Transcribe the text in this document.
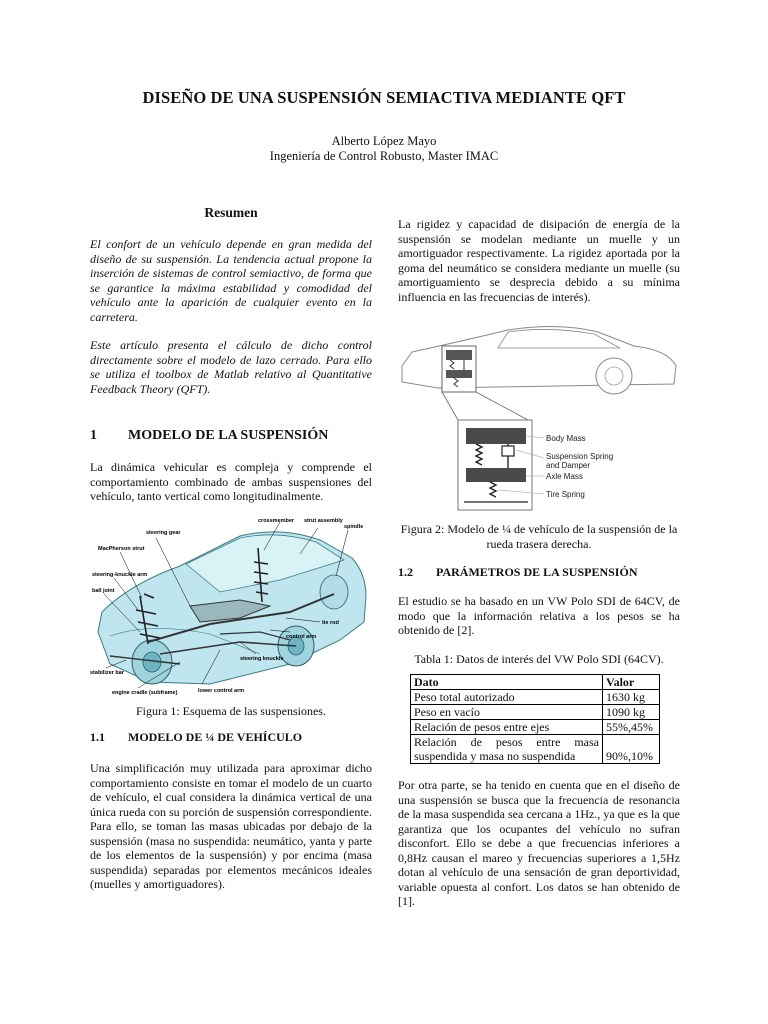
DISEÑO DE UNA SUSPENSIÓN SEMIACTIVA MEDIANTE QFT
Alberto López Mayo
Ingeniería de Control Robusto, Master IMAC
Resumen

El confort de un vehículo depende en gran medida del diseño de su suspensión. La tendencia actual propone la inserción de sistemas de control semiactivo, de forma que se garantice la máxima estabilidad y comodidad del vehículo ante la aparición de cualquier evento en la carretera.

Este artículo presenta el cálculo de dicho control directamente sobre el modelo de lazo cerrado. Para ello se utiliza el toolbox de Matlab relativo al Quantitative Feedback Theory (QFT).

1	MODELO DE LA SUSPENSIÓN

La dinámica vehicular es compleja y comprende el comportamiento combinado de ambas suspensiones del vehículo, tanto vertical como longitudinalmente.

crossmember strut assembly
spindle
steering gear
MacPherson strut
steering-knuckle arm
ball joint
tie rod
control arm
steering knuckle
stabilizer bar
engine cradle (subframe)	lower control arm
Figura 1: Esquema de las suspensiones.
1.1	MODELO DE ¼ DE VEHÍCULO

Una simplificación muy utilizada para aproximar dicho comportamiento consiste en tomar el modelo de un cuarto de vehículo, el cual considera la dinámica vertical de una única rueda con su porción de suspensión correspondiente. Para ello, se toman las masas ubicadas por debajo de la suspensión (masa no suspendida: neumático, yanta y parte de los elementos de la suspensión) y por encima (masa suspendida) separadas por elementos mecánicos ideales (muelles y amortiguadores).

La rigidez y capacidad de disipación de energía de la suspensión se modelan mediante un muelle y un amortiguador respectivamente. La rigidez aportada por la goma del neumático se considera mediante un muelle (su amortiguamiento se desprecia debido a su mínima influencia en las frecuencias de interés).

Body Mass
Suspension Spring
and Damper
Axle Mass
Tire Spring
Figura 2: Modelo de ¼ de vehículo de la suspensión de la rueda trasera derecha.
1.2	PARÁMETROS DE LA SUSPENSIÓN

El estudio se ha basado en un VW Polo SDI de 64CV, de modo que la información relativa a los pesos se ha obtenido de [2].

Tabla 1: Datos de interés del VW Polo SDI (64CV).
Dato	Valor
Peso total autorizado	1630 kg
Peso en vacío	1090 kg
Relación de pesos entre ejes	55%,45%
Relación de pesos entre masa suspendida y masa no suspendida	90%,10%

Por otra parte, se ha tenido en cuenta que en el diseño de una suspensión se busca que la frecuencia de resonancia de la masa suspendida sea cercana a 1Hz., ya que es la que garantiza que los ocupantes del vehículo no sufran disconfort. Ello se debe a que frecuencias inferiores a 0,8Hz causan el mareo y frecuencias superiores a 1,5Hz dotan al vehículo de una sensación de gran deportividad, variable opuesta al confort. Los datos se han obtenido de [1].
